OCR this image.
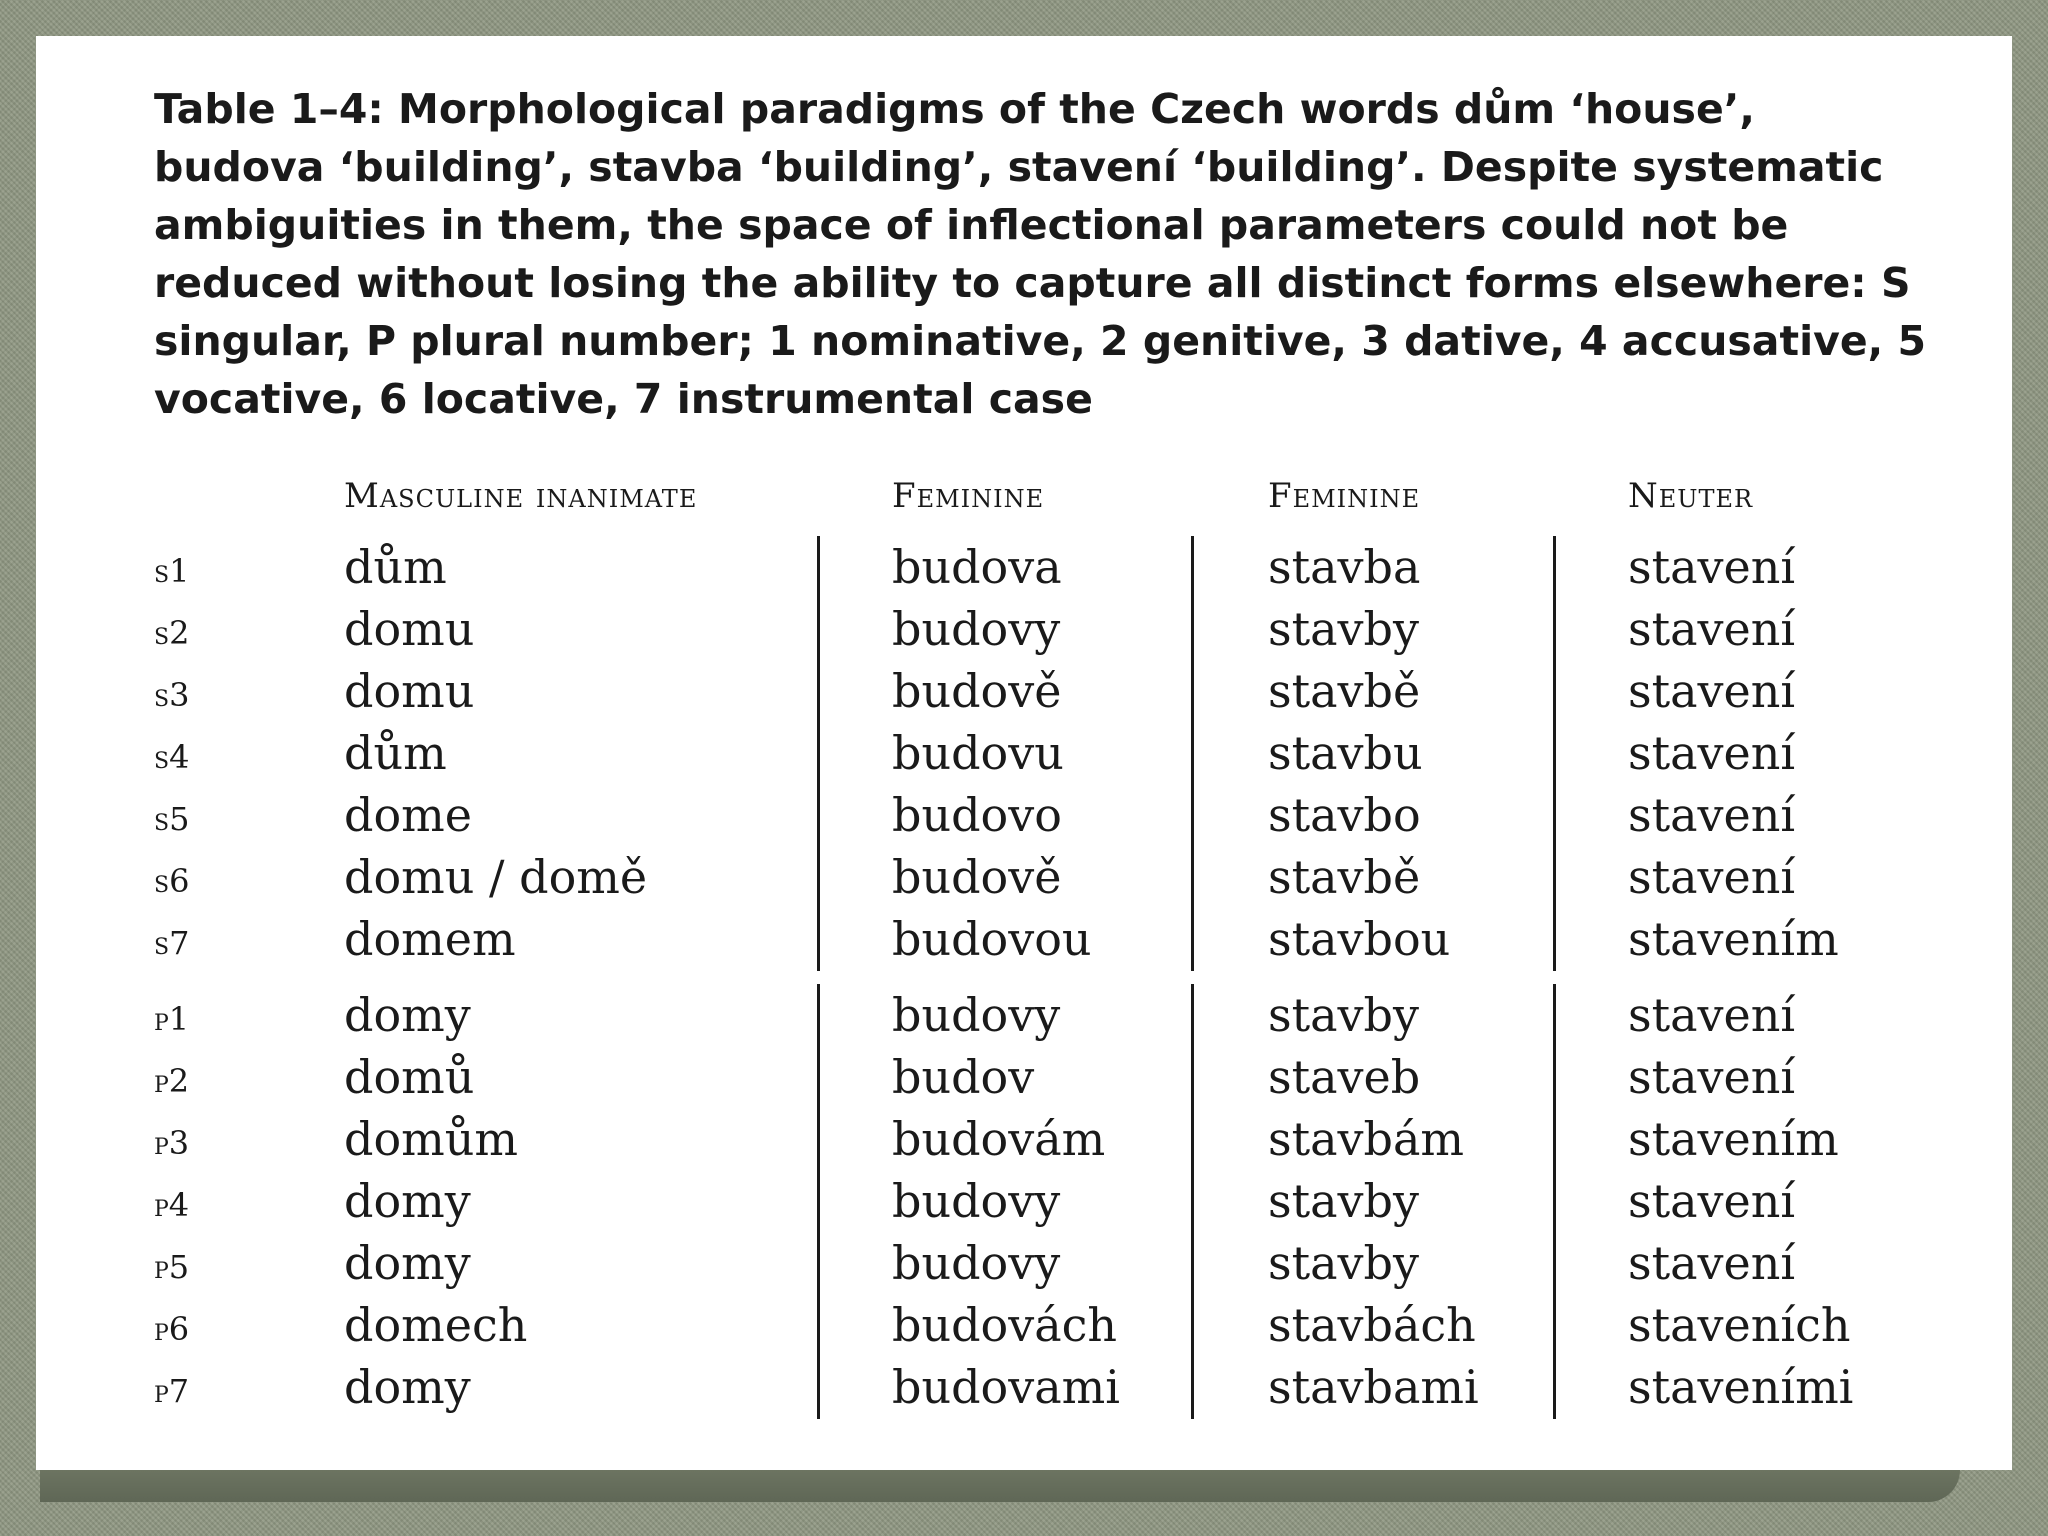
Table 1–4: Morphological paradigms of the Czech words dům ‘house’,

budova ‘building’, stavba ‘building’, stavení ‘building’. Despite systematic

ambiguities in them, the space of inflectional parameters could not be

reduced without losing the ability to capture all distinct forms elsewhere: S

singular, P plural number; 1 nominative, 2 genitive, 3 dative, 4 accusative, 5

vocative, 6 locative, 7 instrumental case

Masculine inanimate	Feminine	Feminine	Neuter
s1	dům	budova	stavba	stavení
s2	domu	budovy	stavby	stavení
s3	domu	budově	stavbě	stavení
s4	dům	budovu	stavbu	stavení
s5	dome	budovo	stavbo	stavení
s6	domu / domě	budově	stavbě	stavení
s7	domem	budovou	stavbou	stavením
p1	domy	budovy	stavby	stavení
p2	domů	budov	staveb	stavení
p3	domům	budovám	stavbám	stavením
p4	domy	budovy	stavby	stavení
p5	domy	budovy	stavby	stavení
p6	domech	budovách	stavbách	staveních
p7	domy	budovami	stavbami	staveními
